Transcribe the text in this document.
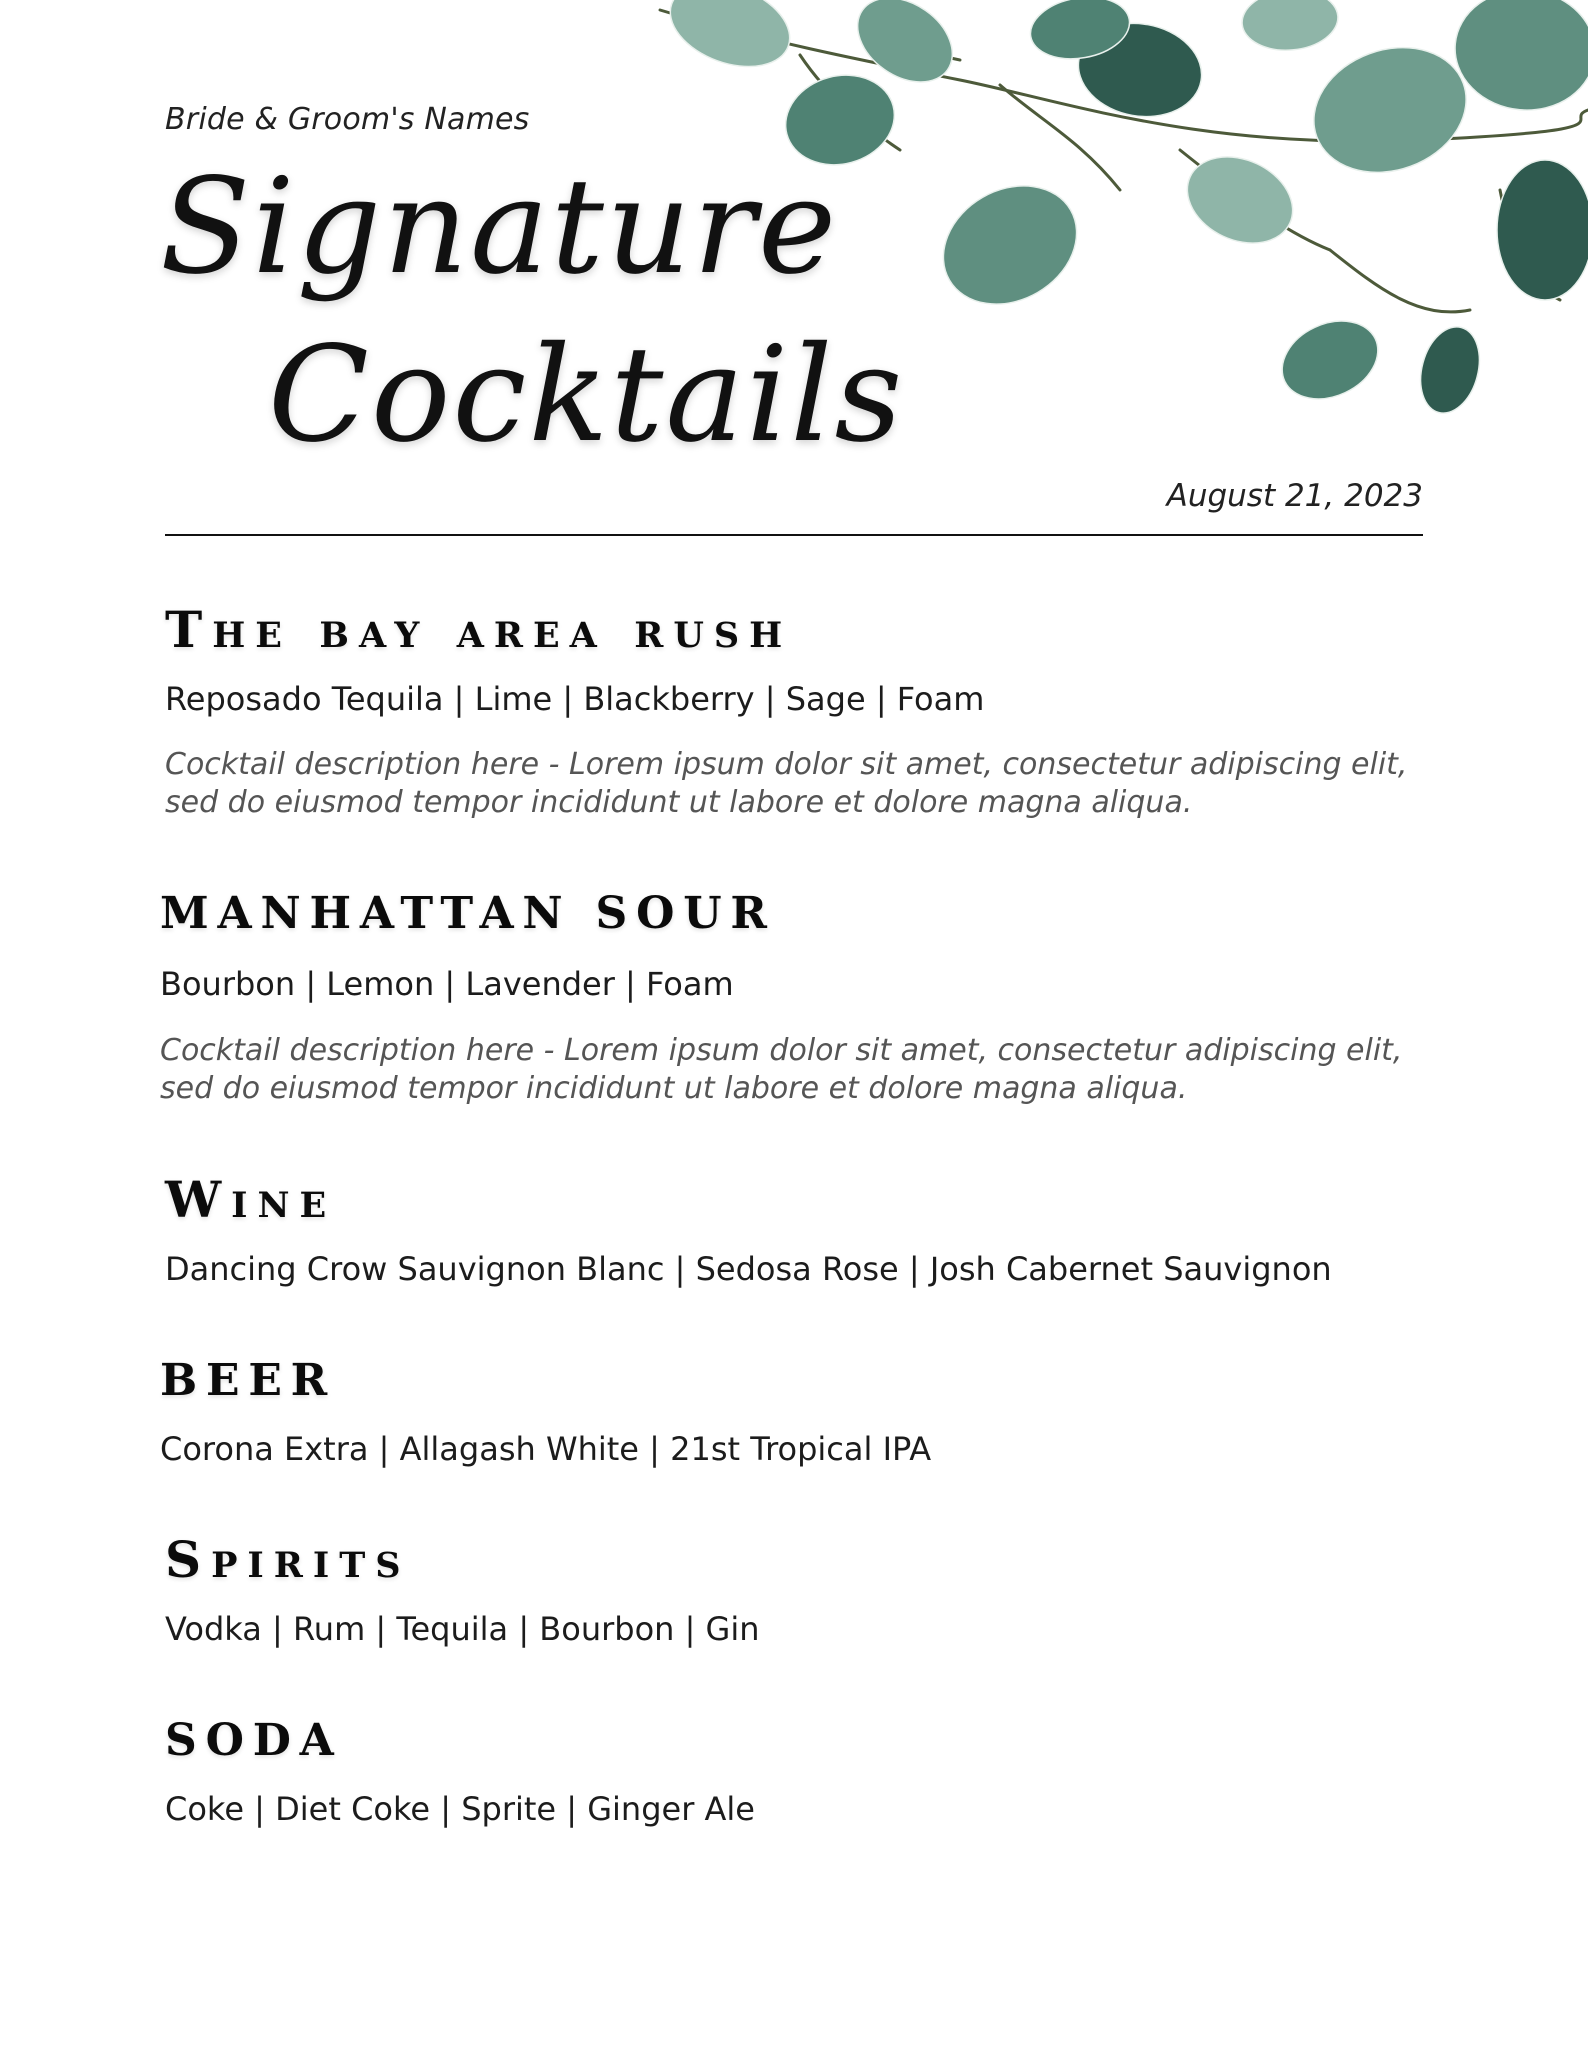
Bride & Groom's Names
Signature
Cocktails
August 21, 2023
The bay area rush
Reposado Tequila | Lime | Blackberry | Sage | Foam
Cocktail description here - Lorem ipsum dolor sit amet, consectetur adipiscing elit, sed do eiusmod tempor incididunt ut labore et dolore magna aliqua.
MANHATTAN SOUR
Bourbon | Lemon | Lavender | Foam
Cocktail description here - Lorem ipsum dolor sit amet, consectetur adipiscing elit, sed do eiusmod tempor incididunt ut labore et dolore magna aliqua.
Wine
Dancing Crow Sauvignon Blanc | Sedosa Rose | Josh Cabernet Sauvignon
BEER
Corona Extra | Allagash White | 21st Tropical IPA
Spirits
Vodka | Rum | Tequila | Bourbon | Gin
SODA
Coke | Diet Coke | Sprite | Ginger Ale
